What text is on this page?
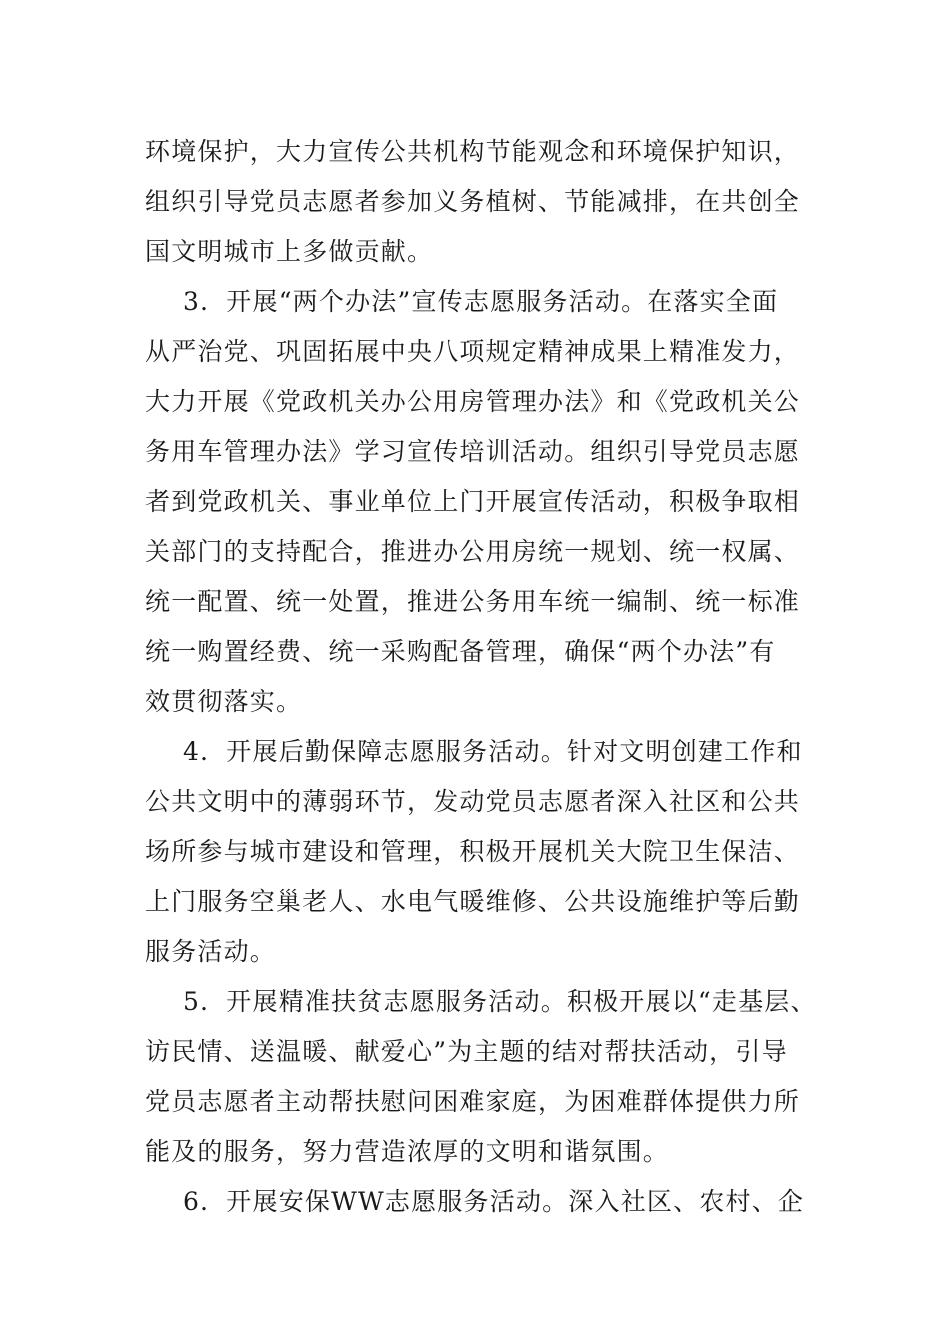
环境保护，大力宣传公共机构节能观念和环境保护知识，
组织引导党员志愿者参加义务植树、节能减排，在共创全
国文明城市上多做贡献。
3．开展“两个办法”宣传志愿服务活动。在落实全面
从严治党、巩固拓展中央八项规定精神成果上精准发力，
大力开展《党政机关办公用房管理办法》和《党政机关公
务用车管理办法》学习宣传培训活动。组织引导党员志愿
者到党政机关、事业单位上门开展宣传活动，积极争取相
关部门的支持配合，推进办公用房统一规划、统一权属、
统一配置、统一处置，推进公务用车统一编制、统一标准
统一购置经费、统一采购配备管理，确保“两个办法”有
效贯彻落实。
4．开展后勤保障志愿服务活动。针对文明创建工作和
公共文明中的薄弱环节，发动党员志愿者深入社区和公共
场所参与城市建设和管理，积极开展机关大院卫生保洁、
上门服务空巢老人、水电气暖维修、公共设施维护等后勤
服务活动。
5．开展精准扶贫志愿服务活动。积极开展以“走基层、
访民情、送温暖、献爱心”为主题的结对帮扶活动，引导
党员志愿者主动帮扶慰问困难家庭，为困难群体提供力所
能及的服务，努力营造浓厚的文明和谐氛围。
6．开展安保WW志愿服务活动。深入社区、农村、企
